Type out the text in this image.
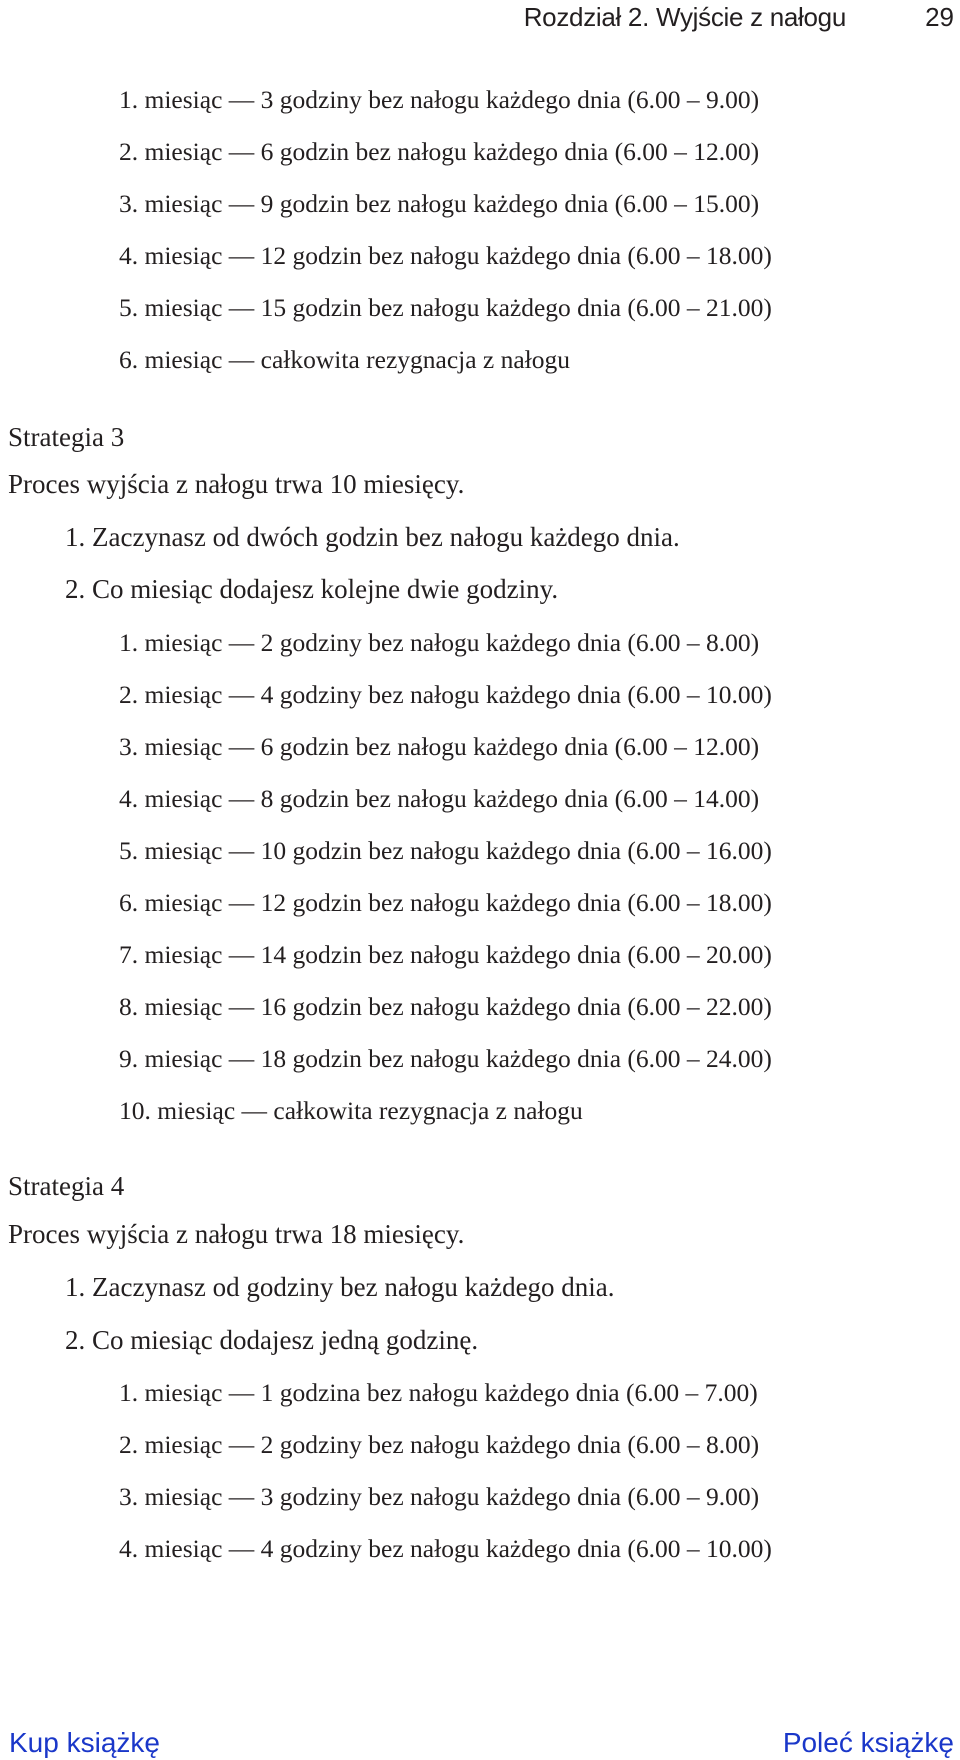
Rozdział 2. Wyjście z nałogu	29
1. miesiąc — 3 godziny bez nałogu każdego dnia (6.00 – 9.00)
2. miesiąc — 6 godzin bez nałogu każdego dnia (6.00 – 12.00)
3. miesiąc — 9 godzin bez nałogu każdego dnia (6.00 – 15.00)
4. miesiąc — 12 godzin bez nałogu każdego dnia (6.00 – 18.00)
5. miesiąc — 15 godzin bez nałogu każdego dnia (6.00 – 21.00)
6. miesiąc — całkowita rezygnacja z nałogu
Strategia 3
Proces wyjścia z nałogu trwa 10 miesięcy.
1. Zaczynasz od dwóch godzin bez nałogu każdego dnia.
2. Co miesiąc dodajesz kolejne dwie godziny.
1. miesiąc — 2 godziny bez nałogu każdego dnia (6.00 – 8.00)
2. miesiąc — 4 godziny bez nałogu każdego dnia (6.00 – 10.00)
3. miesiąc — 6 godzin bez nałogu każdego dnia (6.00 – 12.00)
4. miesiąc — 8 godzin bez nałogu każdego dnia (6.00 – 14.00)
5. miesiąc — 10 godzin bez nałogu każdego dnia (6.00 – 16.00)
6. miesiąc — 12 godzin bez nałogu każdego dnia (6.00 – 18.00)
7. miesiąc — 14 godzin bez nałogu każdego dnia (6.00 – 20.00)
8. miesiąc — 16 godzin bez nałogu każdego dnia (6.00 – 22.00)
9. miesiąc — 18 godzin bez nałogu każdego dnia (6.00 – 24.00)
10. miesiąc — całkowita rezygnacja z nałogu
Strategia 4
Proces wyjścia z nałogu trwa 18 miesięcy.
1. Zaczynasz od godziny bez nałogu każdego dnia.
2. Co miesiąc dodajesz jedną godzinę.
1. miesiąc — 1 godzina bez nałogu każdego dnia (6.00 – 7.00)
2. miesiąc — 2 godziny bez nałogu każdego dnia (6.00 – 8.00)
3. miesiąc — 3 godziny bez nałogu każdego dnia (6.00 – 9.00)
4. miesiąc — 4 godziny bez nałogu każdego dnia (6.00 – 10.00)
Kup książkę	Poleć książkę
